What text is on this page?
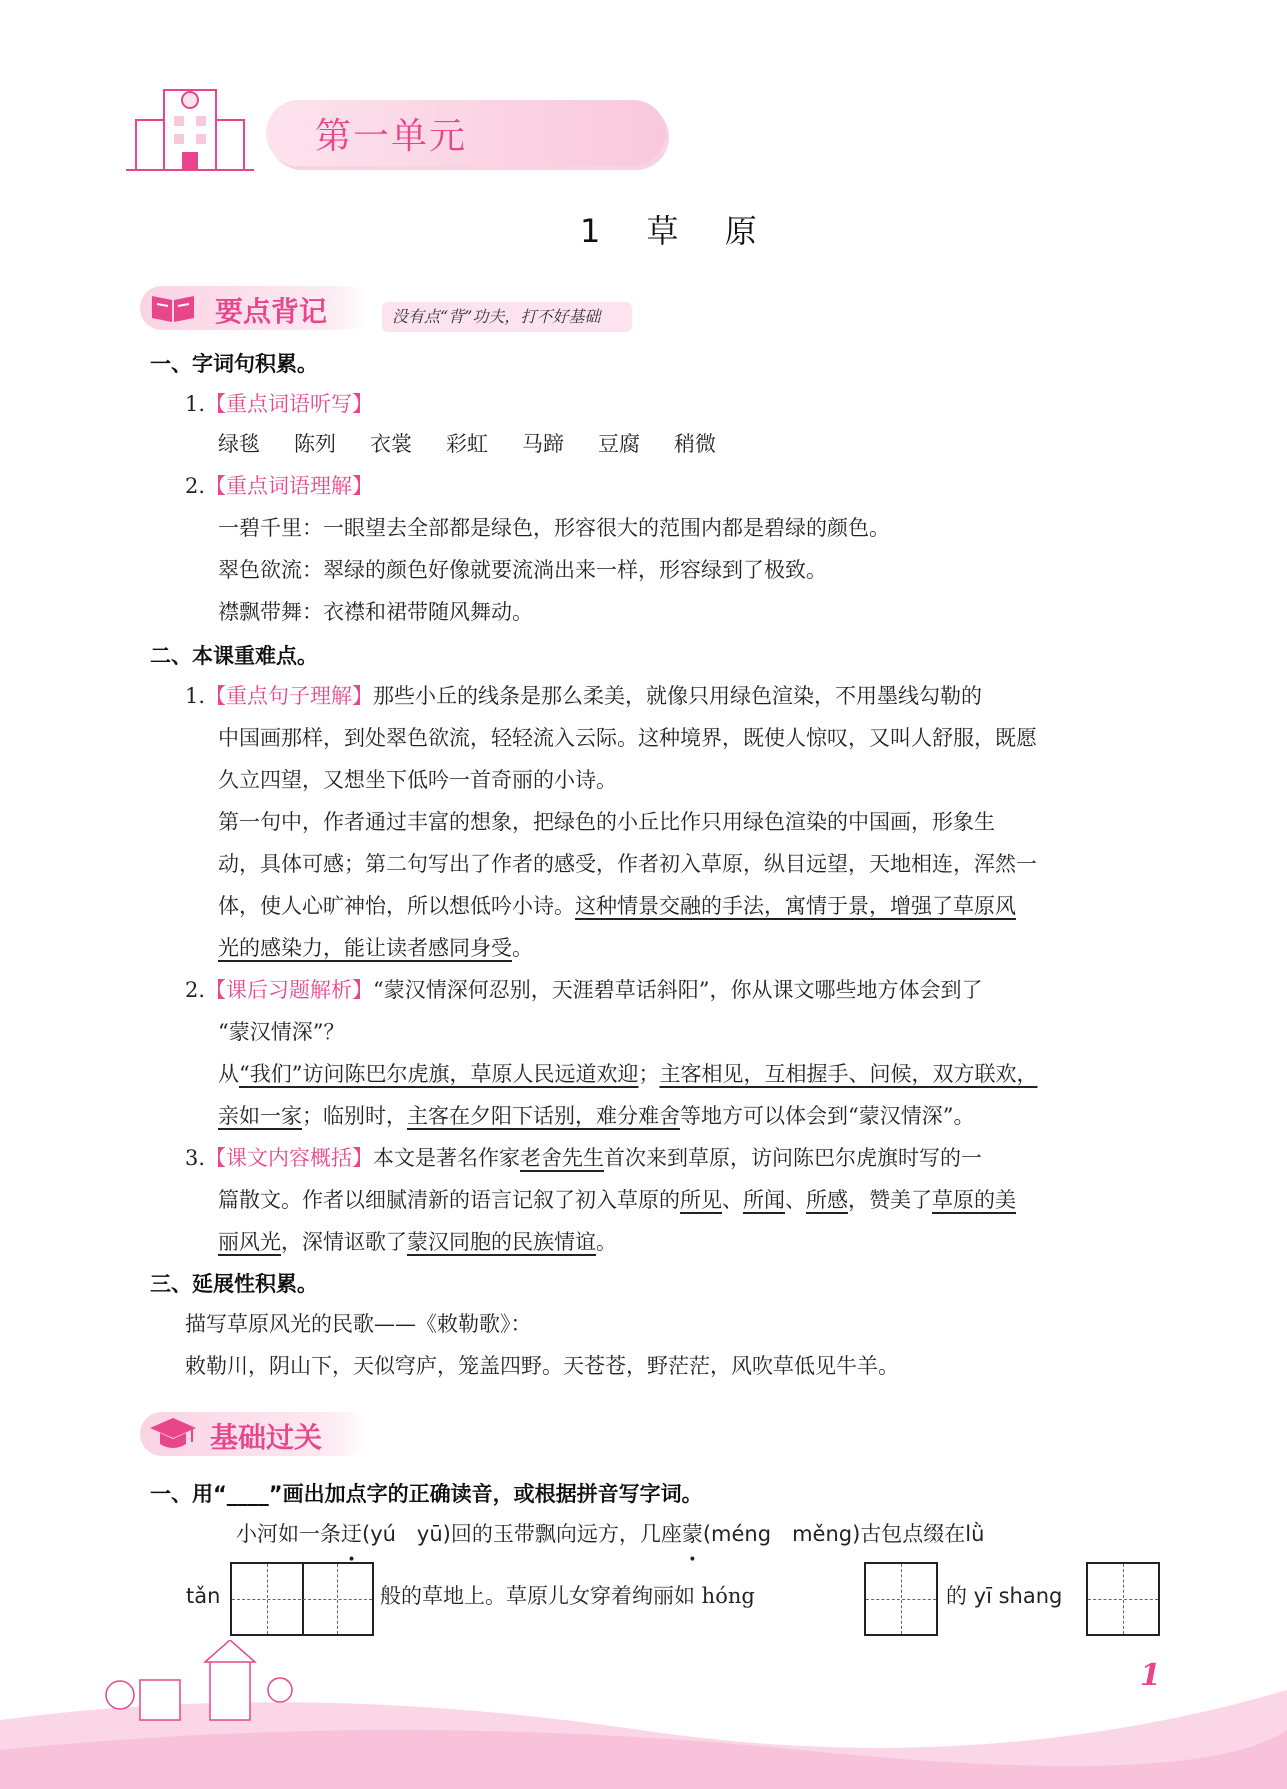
第一单元
1 草 原
要点背记	没有点“背”功夫，打不好基础
一、字词句积累。
1.【重点词语听写】
绿毯 陈列 衣裳 彩虹 马蹄 豆腐 稍微
2.【重点词语理解】
一碧千里：一眼望去全部都是绿色，形容很大的范围内都是碧绿的颜色。
翠色欲流：翠绿的颜色好像就要流淌出来一样，形容绿到了极致。
襟飘带舞：衣襟和裙带随风舞动。
二、本课重难点。
1.【重点句子理解】那些小丘的线条是那么柔美，就像只用绿色渲染，不用墨线勾勒的
中国画那样，到处翠色欲流，轻轻流入云际。这种境界，既使人惊叹，又叫人舒服，既愿
久立四望，又想坐下低吟一首奇丽的小诗。
第一句中，作者通过丰富的想象，把绿色的小丘比作只用绿色渲染的中国画，形象生
动，具体可感；第二句写出了作者的感受，作者初入草原，纵目远望，天地相连，浑然一
体，使人心旷神怡，所以想低吟小诗。这种情景交融的手法，寓情于景，增强了草原风
光的感染力，能让读者感同身受。
2.【课后习题解析】“蒙汉情深何忍别，天涯碧草话斜阳”，你从课文哪些地方体会到了
“蒙汉情深”？
从“我们”访问陈巴尔虎旗，草原人民远道欢迎；主客相见，互相握手、问候，双方联欢，
亲如一家；临别时，主客在夕阳下话别，难分难舍等地方可以体会到“蒙汉情深”。
3.【课文内容概括】本文是著名作家老舍先生首次来到草原，访问陈巴尔虎旗时写的一
篇散文。作者以细腻清新的语言记叙了初入草原的所见、所闻、所感，赞美了草原的美
丽风光，深情讴歌了蒙汉同胞的民族情谊。
三、延展性积累。
描写草原风光的民歌——《敕勒歌》：
敕勒川，阴山下，天似穹庐，笼盖四野。天苍苍，野茫茫，风吹草低见牛羊。
基础过关
一、用“____”画出加点字的正确读音，或根据拼音写字词。
小河如一条迂(yú　yū)回的玉带飘向远方，几座蒙(méng　měng)古包点缀在lǜ
tǎn	般的草地上。草原儿女穿着绚丽如 hóng	的 yī shang
1
